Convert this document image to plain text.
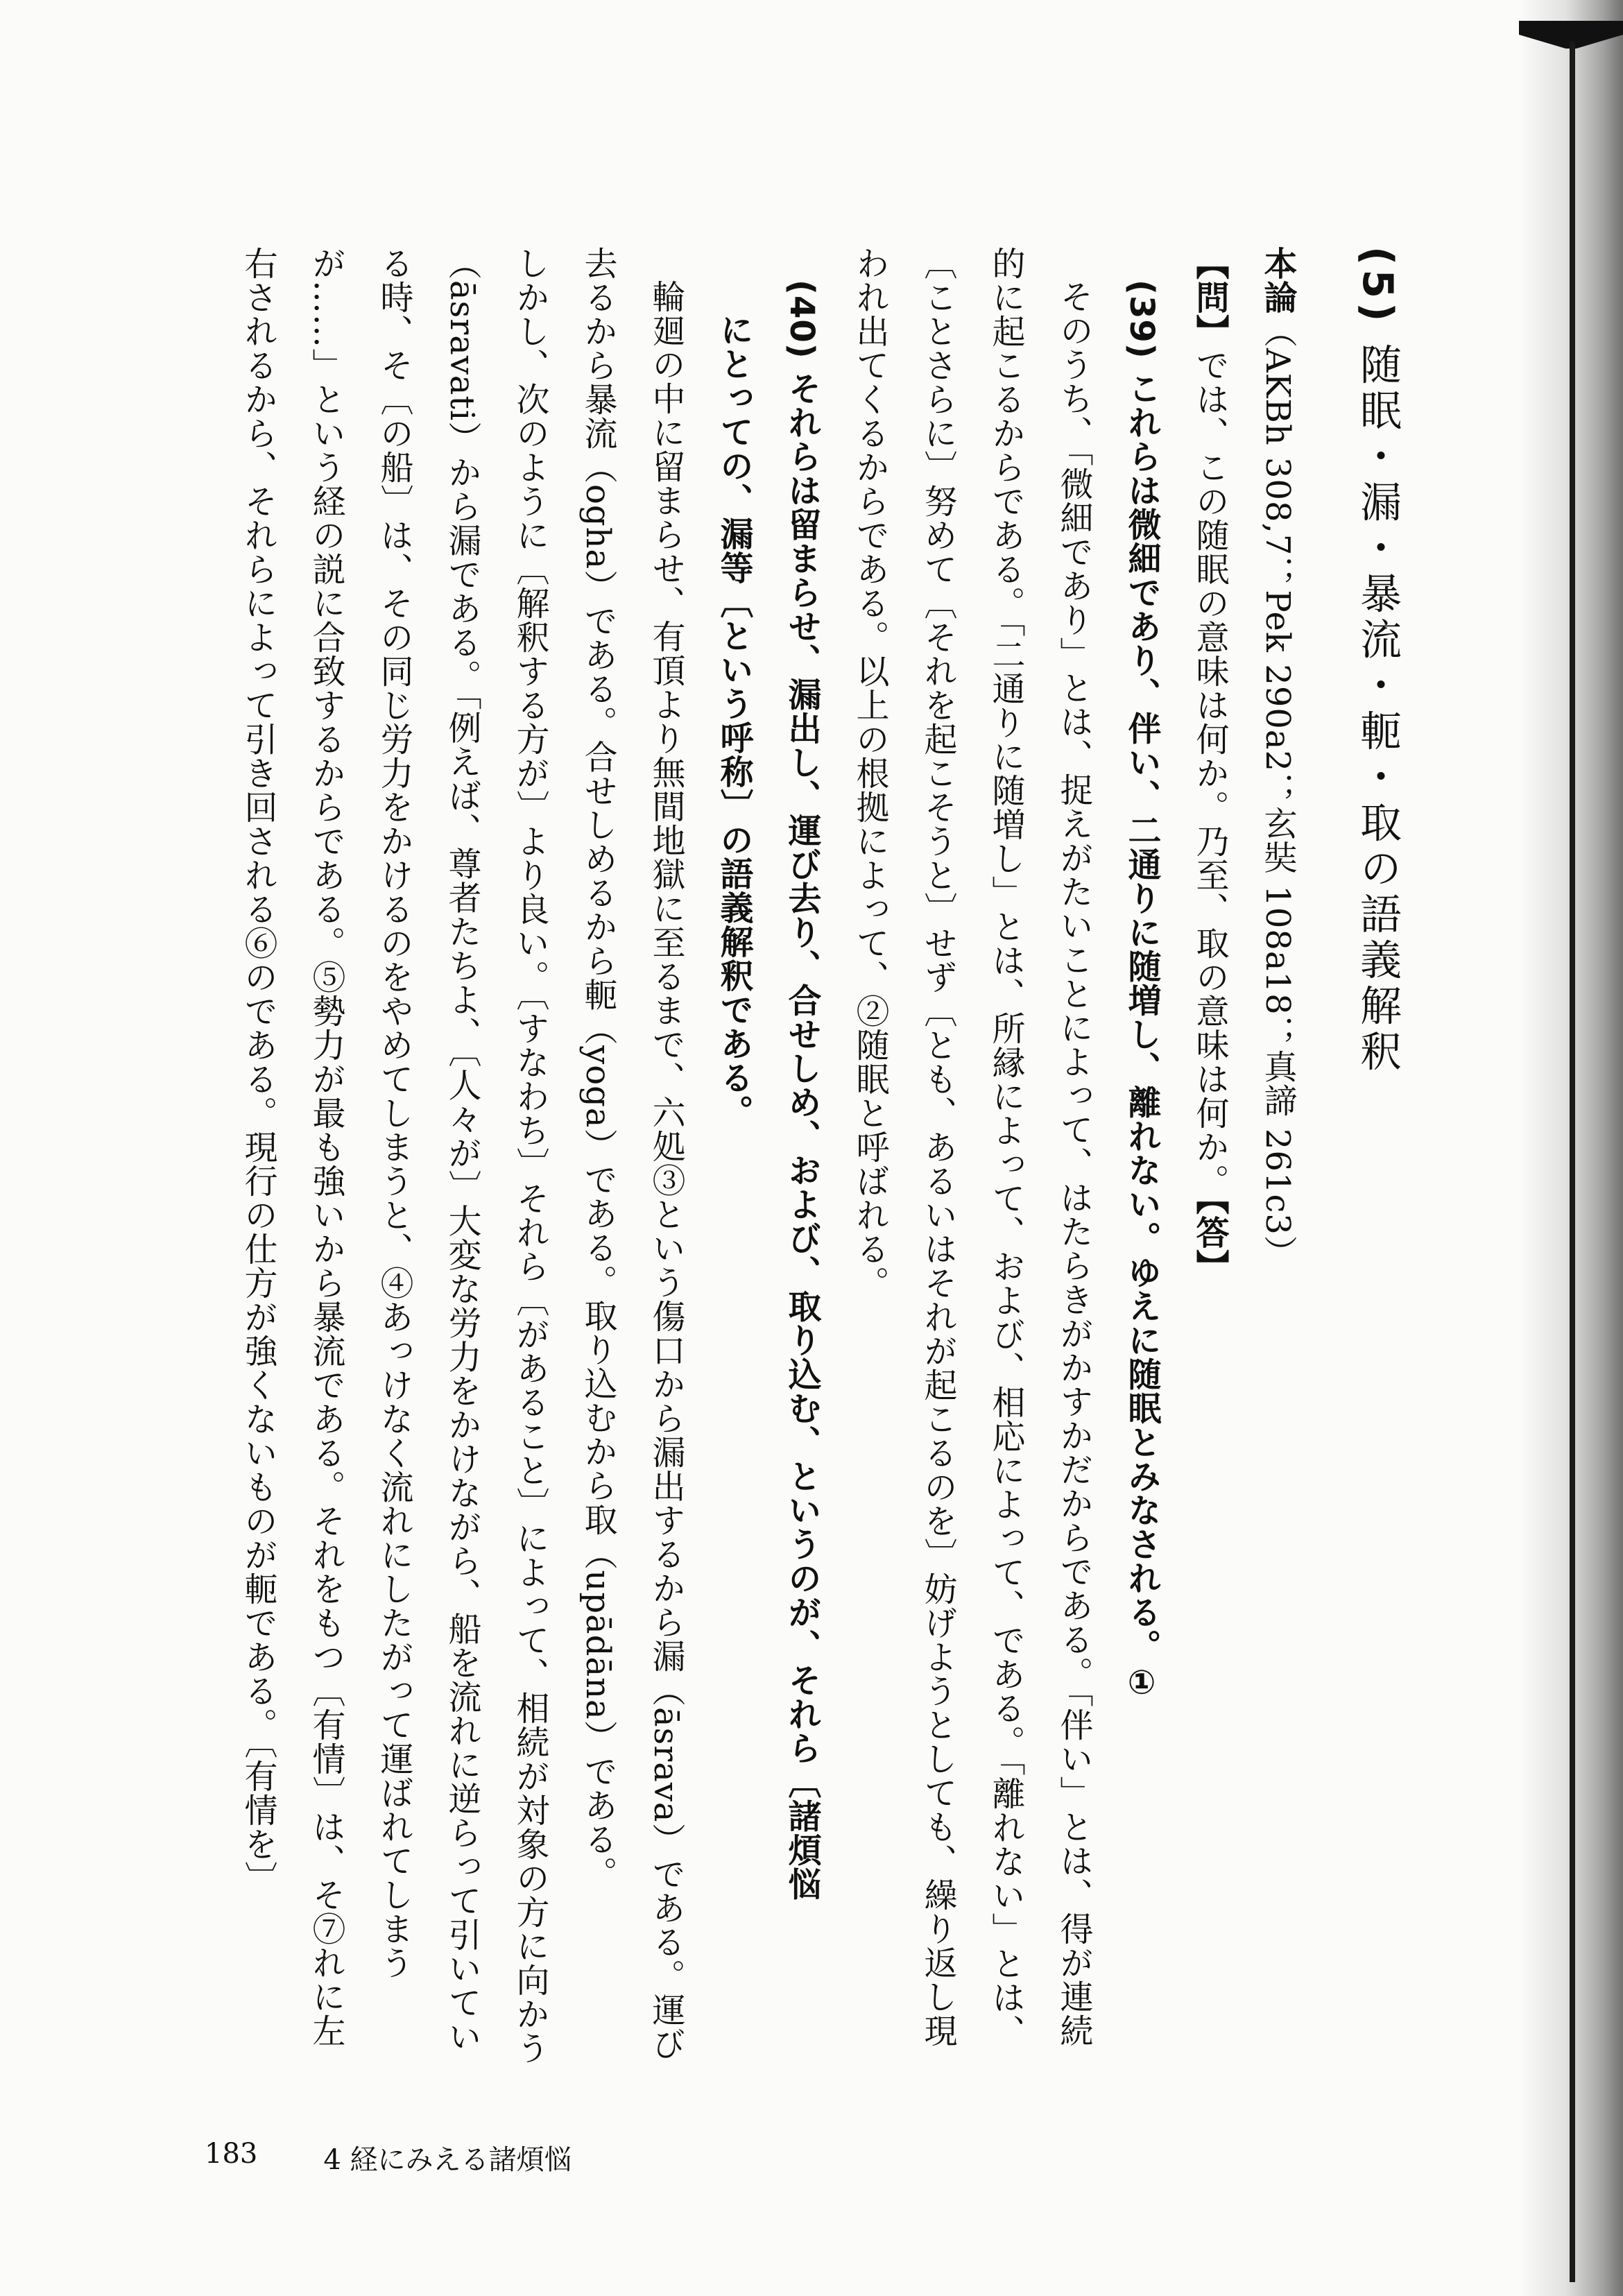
(5) 随眠・漏・暴流・軛・取の語義解釈

本論（AKBh 308,7；Pek 290a2；玄奘 108a18；真諦 261c3）

【問】では、この随眠の意味は何か。乃至、取の意味は何か。【答】

(39) これらは微細であり、伴い、二通りに随増し、離れない。ゆえに随眠とみなされる。①

そのうち、「微細であり」とは、捉えがたいことによって、はたらきがかすかだからである。「伴い」とは、得が連続的に起こるからである。「二通りに随増し」とは、所縁によって、および、相応によって、である。「離れない」とは、〔ことさらに〕努めて〔それを起こそうと〕せず〔とも、あるいはそれが起こるのを〕妨げようとしても、繰り返し現われ出てくるからである。以上の根拠によって、②随眠と呼ばれる。

(40) それらは留まらせ、漏出し、運び去り、合せしめ、および、取り込む、というのが、それら〔諸煩悩

にとっての、漏等〔という呼称〕の語義解釈である。

輪廻の中に留まらせ、有頂より無間地獄に至るまで、六処③という傷口から漏出するから漏（āsrava）である。運び去るから暴流（ogha）である。合せしめるから軛（yoga）である。取り込むから取（upādāna）である。

しかし、次のように〔解釈する方が〕より良い。〔すなわち〕それら〔があること〕によって、相続が対象の方に向かう（āsravati）から漏である。「例えば、尊者たちよ、〔人々が〕大変な労力をかけながら、船を流れに逆らって引いている時、そ〔の船〕は、その同じ労力をかけるのをやめてしまうと、④あっけなく流れにしたがって運ばれてしまうが……」という経の説に合致するからである。⑤勢力が最も強いから暴流である。それをもつ〔有情〕は、そ⑦れに左右されるから、それらによって引き回される⑥のである。現行の仕方が強くないものが軛である。〔有情を〕

183 4 経にみえる諸煩悩
